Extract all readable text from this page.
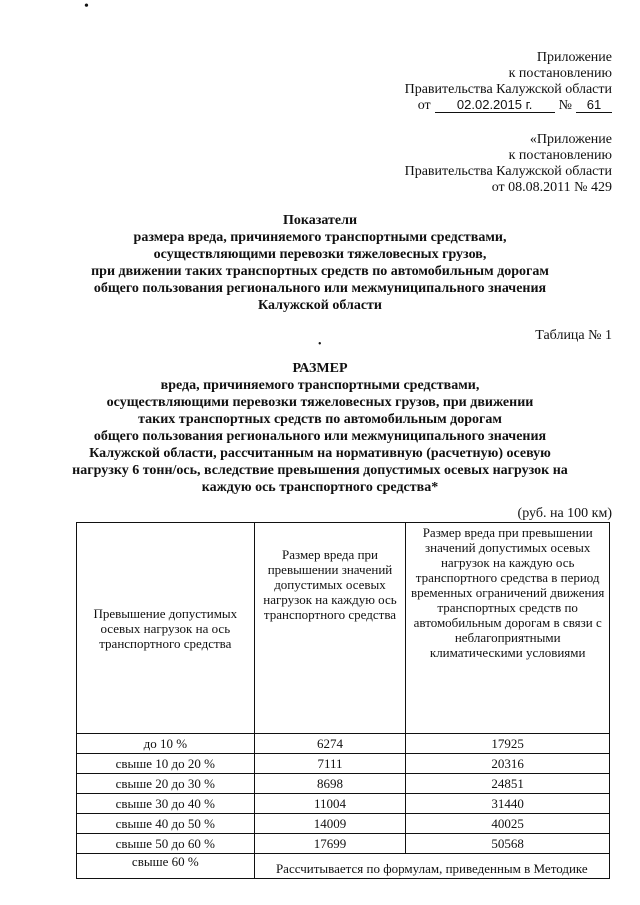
•
•
Приложение
к постановлению
Правительства Калужской области
от 02.02.2015 г. № 61
«Приложение
к постановлению
Правительства Калужской области
от 08.08.2011 № 429
Показатели
размера вреда, причиняемого транспортными средствами,
осуществляющими перевозки тяжеловесных грузов,
при движении таких транспортных средств по автомобильным дорогам
общего пользования регионального или межмуниципального значения
Калужской области
Таблица № 1
РАЗМЕР
вреда, причиняемого транспортными средствами,
осуществляющими перевозки тяжеловесных грузов, при движении
таких транспортных средств по автомобильным дорогам
общего пользования регионального или межмуниципального значения
Калужской области, рассчитанным на нормативную (расчетную) осевую
нагрузку 6 тонн/ось, вследствие превышения допустимых осевых нагрузок на
каждую ось транспортного средства*
(руб. на 100 км)
Превышение допустимых осевых нагрузок на ось транспортного средства	Размер вреда при превышении значений допустимых осевых нагрузок на каждую ось транспортного средства	Размер вреда при превышении значений допустимых осевых нагрузок на каждую ось транспортного средства в период временных ограничений движения транспортных средств по автомобильным дорогам в связи с неблагоприятными климатическими условиями
до 10 %	6274	17925
свыше 10 до 20 %	7111	20316
свыше 20 до 30 %	8698	24851
свыше 30 до 40 %	11004	31440
свыше 40 до 50 %	14009	40025
свыше 50 до 60 %	17699	50568
свыше 60 %	Рассчитывается по формулам, приведенным в Методике	
